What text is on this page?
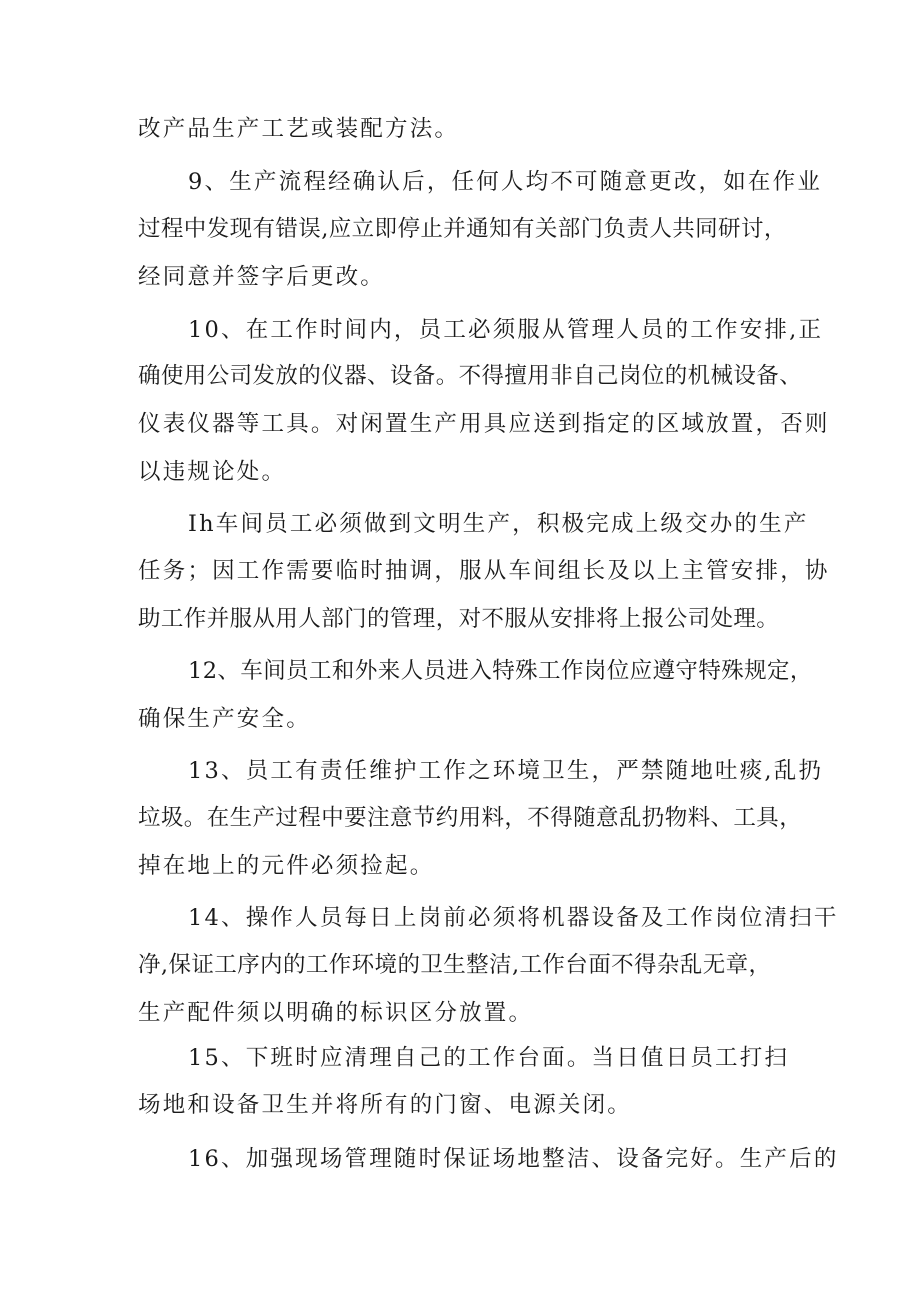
改产品生产工艺或装配方法。
9、生产流程经确认后，任何人均不可随意更改，如在作业
过程中发现有错误,应立即停止并通知有关部门负责人共同研讨，
经同意并签字后更改。
10、在工作时间内，员工必须服从管理人员的工作安排,正
确使用公司发放的仪器、设备。不得擅用非自己岗位的机械设备、
仪表仪器等工具。对闲置生产用具应送到指定的区域放置，否则
以违规论处。
Ih车间员工必须做到文明生产，积极完成上级交办的生产
任务；因工作需要临时抽调，服从车间组长及以上主管安排，协
助工作并服从用人部门的管理，对不服从安排将上报公司处理。
12、车间员工和外来人员进入特殊工作岗位应遵守特殊规定，
确保生产安全。
13、员工有责任维护工作之环境卫生，严禁随地吐痰,乱扔
垃圾。在生产过程中要注意节约用料，不得随意乱扔物料、工具，
掉在地上的元件必须捡起。
14、操作人员每日上岗前必须将机器设备及工作岗位清扫干
净,保证工序内的工作环境的卫生整洁,工作台面不得杂乱无章，
生产配件须以明确的标识区分放置。
15、下班时应清理自己的工作台面。当日值日员工打扫
场地和设备卫生并将所有的门窗、电源关闭。
16、加强现场管理随时保证场地整洁、设备完好。生产后的
